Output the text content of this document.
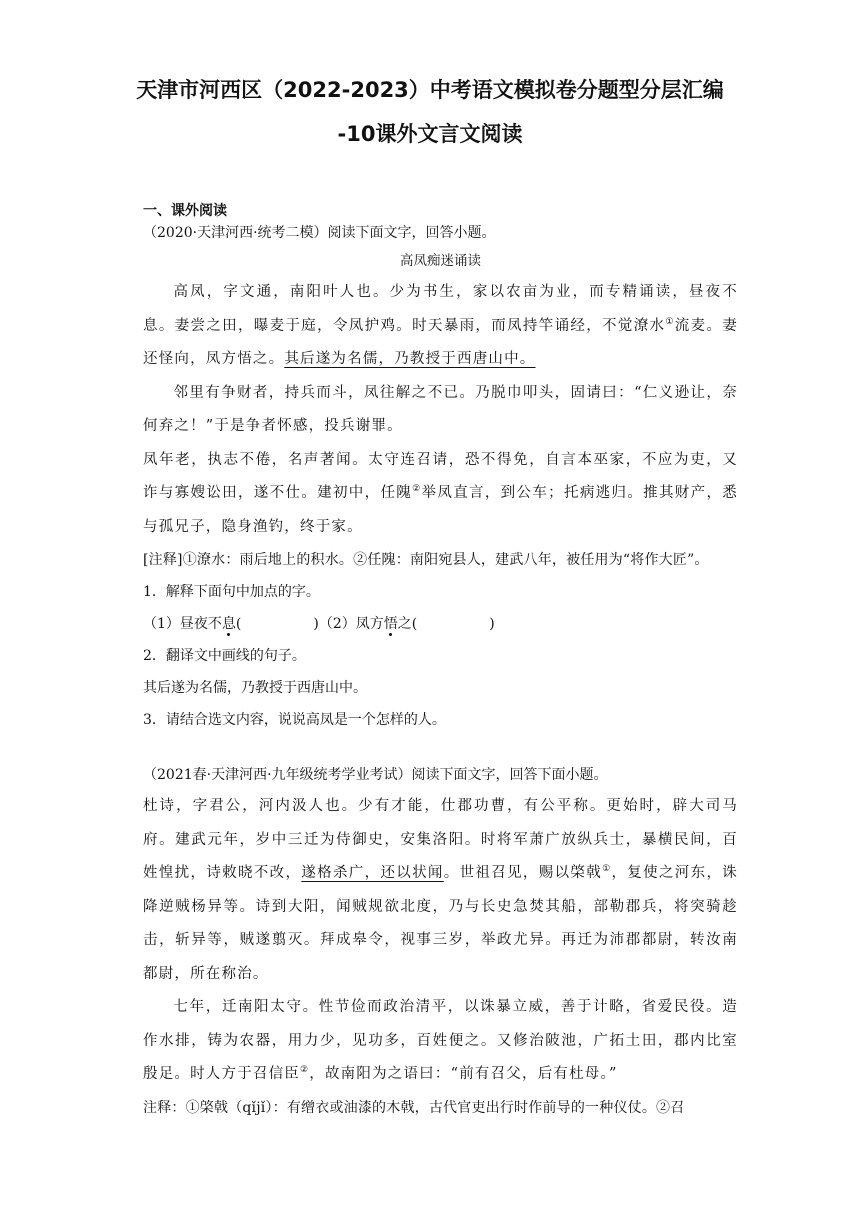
天津市河西区（2022-2023）中考语文模拟卷分题型分层汇编

-10课外文言文阅读

一、课外阅读

（2020·天津河西·统考二模）阅读下面文字，回答小题。

高凤痴迷诵读

高凤，字文通，南阳叶人也。少为书生，家以农亩为业，而专精诵读，昼夜不息。妻尝之田，曝麦于庭，令凤护鸡。时天暴雨，而凤持竿诵经，不觉潦水①流麦。妻还怪向，凤方悟之。其后遂为名儒，乃教授于西唐山中。

邻里有争财者，持兵而斗，凤往解之不已。乃脱巾叩头，固请曰：“仁义逊让，奈何弃之！”于是争者怀感，投兵谢罪。

凤年老，执志不倦，名声著闻。太守连召请，恐不得免，自言本巫家，不应为吏，又诈与寡嫂讼田，遂不仕。建初中，任隗②举凤直言，到公车；托病逃归。推其财产，悉与孤兄子，隐身渔钓，终于家。

[注释]①潦水：雨后地上的积水。②任隗：南阳宛县人，建武八年，被任用为“将作大匠”。

1．解释下面句中加点的字。

（1）昼夜不息(	)（2）凤方悟之(	)

2．翻译文中画线的句子。

其后遂为名儒，乃教授于西唐山中。

3．请结合选文内容，说说高凤是一个怎样的人。

（2021春·天津河西·九年级统考学业考试）阅读下面文字，回答下面小题。

杜诗，字君公，河内汲人也。少有才能，仕郡功曹，有公平称。更始时，辟大司马府。建武元年，岁中三迁为侍御史，安集洛阳。时将军萧广放纵兵士，暴横民间，百姓惶扰，诗敕晓不改，遂格杀广，还以状闻。世祖召见，赐以棨戟①，复使之河东，诛降逆贼杨异等。诗到大阳，闻贼规欲北度，乃与长史急焚其船，部勒郡兵，将突骑趁击，斩异等，贼遂翦灭。拜成皋令，视事三岁，举政尤异。再迁为沛郡都尉，转汝南都尉，所在称治。

七年，迁南阳太守。性节俭而政治清平，以诛暴立威，善于计略，省爱民役。造作水排，铸为农器，用力少，见功多，百姓便之。又修治陂池，广拓土田，郡内比室殷足。时人方于召信臣②，故南阳为之语曰：“前有召父，后有杜母。”

注释：①棨戟（qǐjǐ）：有缯衣或油漆的木戟，古代官吏出行时作前导的一种仪仗。②召
